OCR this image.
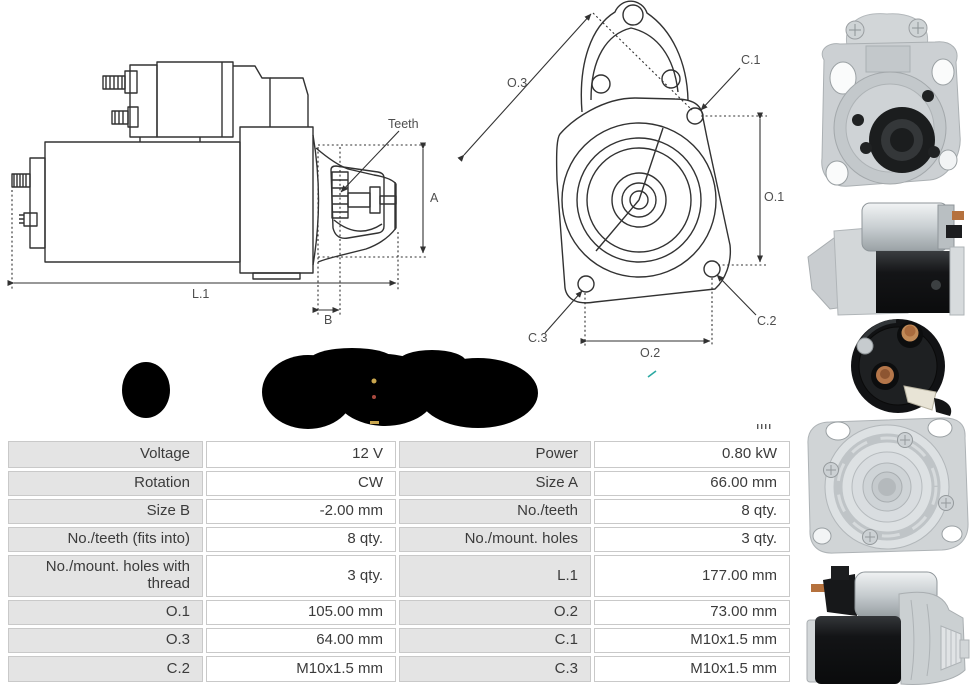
Teeth
A
L.1
B
O.3
C.1
O.1
O.2
C.3
C.2
Voltage	12 V	Power	0.80 kW
Rotation	CW	Size A	66.00 mm
Size B	-2.00 mm	No./teeth	8 qty.
No./teeth (fits into)	8 qty.	No./mount. holes	3 qty.
No./mount. holes with thread	3 qty.	L.1	177.00 mm
O.1	105.00 mm	O.2	73.00 mm
O.3	64.00 mm	C.1	M10x1.5 mm
C.2	M10x1.5 mm	C.3	M10x1.5 mm
